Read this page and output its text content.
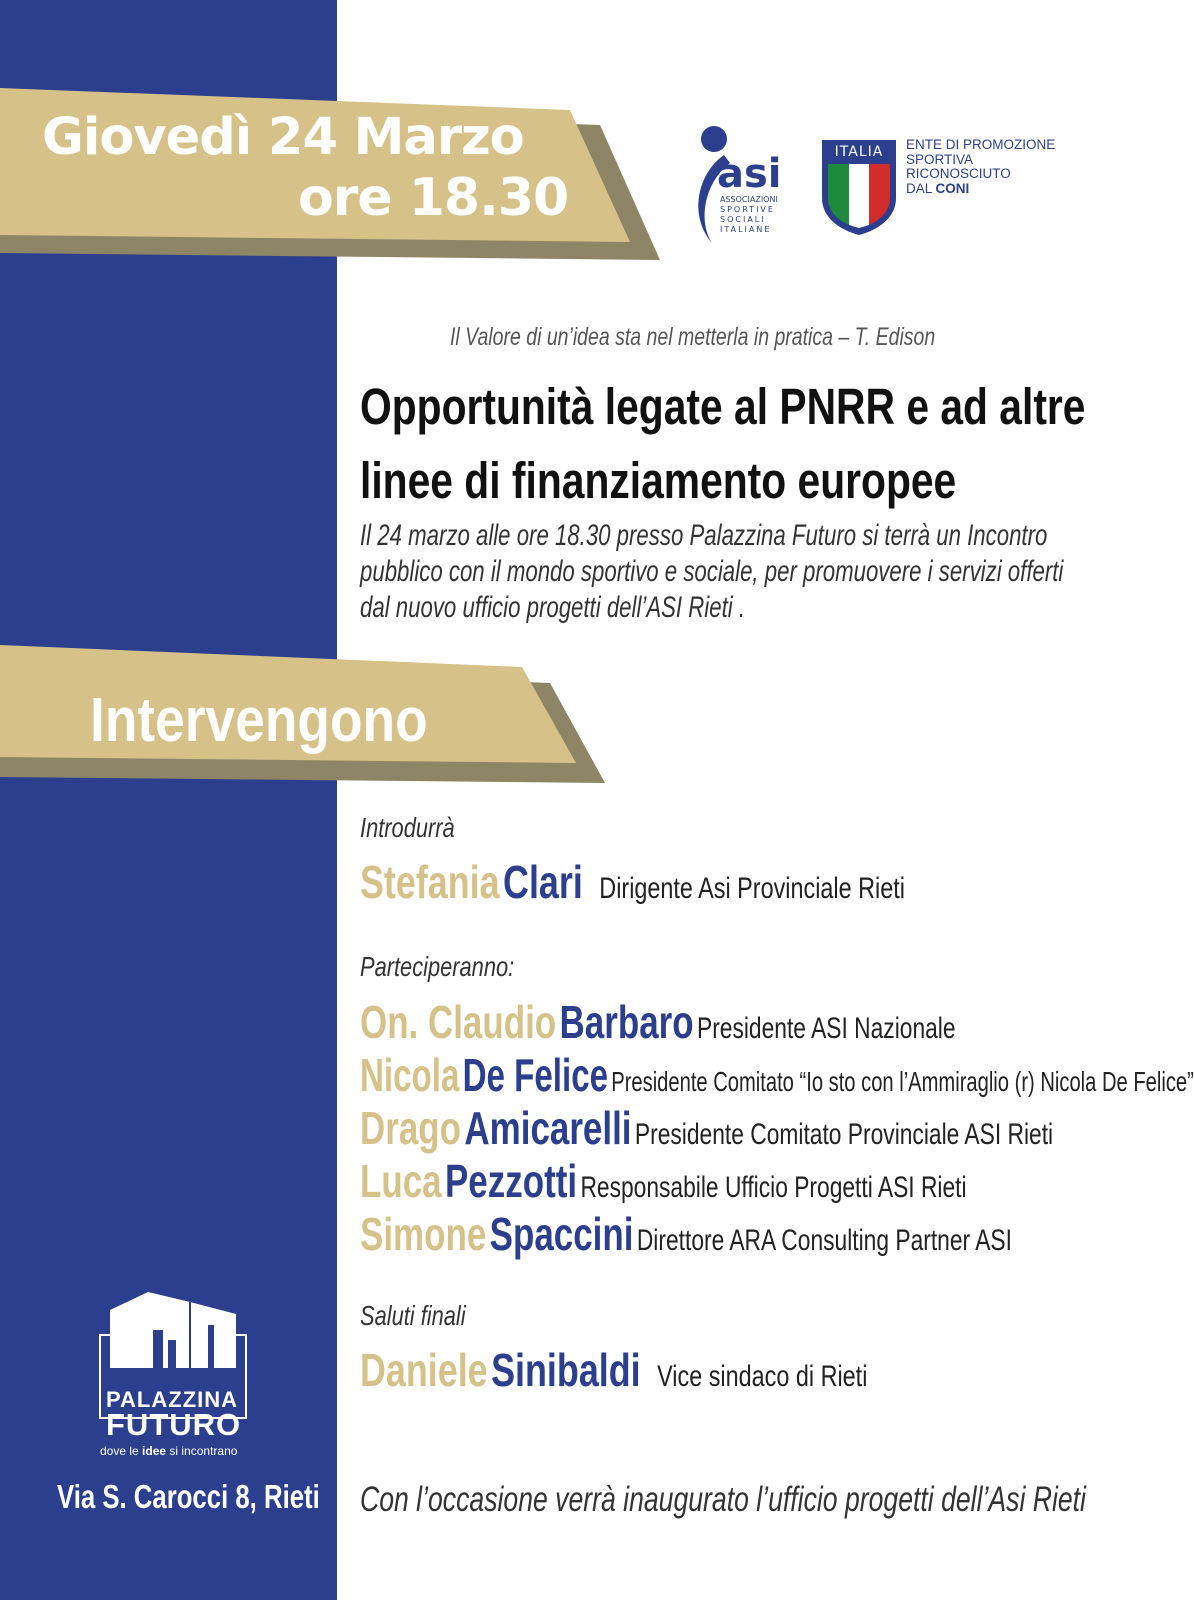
Giovedì 24 Marzo
ore 18.30	asi
ASSOCIAZIONI
SPORTIVE
SOCIALI
ITALIANE
ITALIA ENTE DI PROMOZIONE
SPORTIVA
RICONOSCIUTO
DAL CONI
Il Valore di un’idea sta nel metterla in pratica – T. Edison
Opportunità legate al PNRR e ad altre
linee di finanziamento europee
Il 24 marzo alle ore 18.30 presso Palazzina Futuro si terrà un Incontro
pubblico con il mondo sportivo e sociale, per promuovere i servizi offerti
dal nuovo ufficio progetti dell’ASI Rieti .
Intervengono
Introdurrà
Stefania Clari Dirigente Asi Provinciale Rieti
Parteciperanno:
On. Claudio Barbaro Presidente ASI Nazionale
Nicola De Felice Presidente Comitato “Io sto con l’Ammiraglio (r) Nicola De Felice”
Drago Amicarelli Presidente Comitato Provinciale ASI Rieti
Luca Pezzotti Responsabile Ufficio Progetti ASI Rieti
Simone Spaccini Direttore ARA Consulting Partner ASI
Saluti finali
Daniele Sinibaldi Vice sindaco di Rieti
PALAZZINA
FUTURO
dove le idee si incontrano
Via S. Carocci 8, Rieti Con l’occasione verrà inaugurato l’ufficio progetti dell’Asi Rieti
